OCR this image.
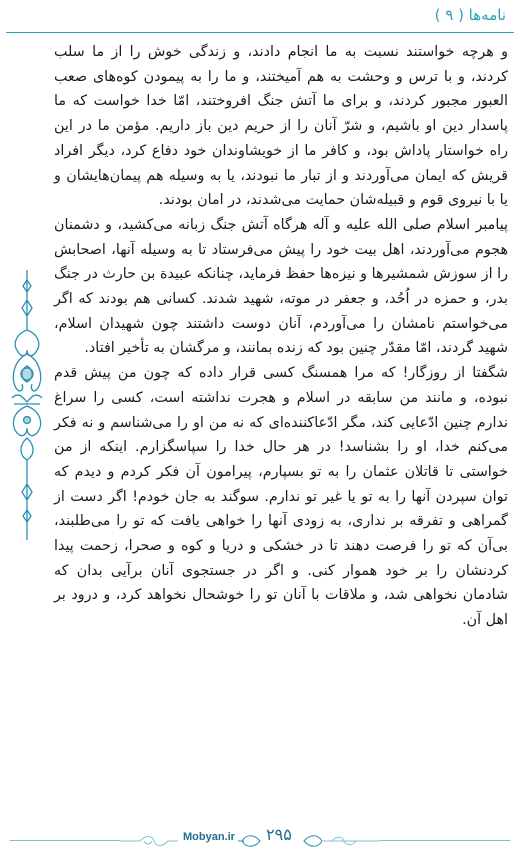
نامه‌ها ( ۹ )

و هرچه خواستند نسبت به ما انجام دادند، و زندگی خوش را از ما سلب کردند، و با ترس و وحشت به هم آمیختند، و ما را به پیمودن کوه‌های صعب العبور مجبور کردند، و برای ما آتش جنگ افروختند، امّا خدا خواست که ما پاسدار دین او باشیم، و شرّ آنان را از حریم دین باز داریم. مؤمن ما در این راه خواستار پاداش بود، و کافر ما از خویشاوندان خود دفاع کرد، دیگر افراد قریش که ایمان می‌آوردند و از تبار ما نبودند، یا به وسیله هم پیمان‌هایشان و یا با نیروی قوم و قبیله‌شان حمایت می‌شدند، در امان بودند.

پیامبر اسلام صلی الله علیه و آله هرگاه آتش جنگ زبانه می‌کشید، و دشمنان هجوم می‌آوردند، اهل بیت خود را پیش می‌فرستاد تا به وسیله آنها، اصحابش را از سوزش شمشیرها و نیزه‌ها حفظ فرماید، چنانکه عبیدة بن حارث در جنگ بدر، و حمزه در اُحُد، و جعفر در موته، شهید شدند. کسانی هم بودند که اگر می‌خواستم نامشان را می‌آوردم، آنان دوست داشتند چون شهیدان اسلام، شهید گردند، امّا مقدّر چنین بود که زنده بمانند، و مرگشان به تأخیر افتاد.

شگفتا از روزگار! که مرا همسنگ کسی قرار داده که چون من پیش قدم نبوده، و مانند من سابقه در اسلام و هجرت نداشته است، کسی را سراغ ندارم چنین ادّعایی کند، مگر ادّعاکننده‌ای که نه من او را می‌شناسم و نه فکر می‌کنم خدا، او را بشناسد! در هر حال خدا را سپاسگزارم. اینکه از من خواستی تا قاتلان عثمان را به تو بسپارم، پیرامون آن فکر کردم و دیدم که توان سپردن آنها را به تو یا غیر تو ندارم. سوگند به جان خودم! اگر دست از گمراهی و تفرقه بر نداری، به زودی آنها را خواهی یافت که تو را می‌طلبند، بی‌آن که تو را فرصت دهند تا در خشکی و دریا و کوه و صحرا، زحمت پیدا کردنشان را بر خود هموار کنی. و اگر در جستجوی آنان برآیی بدان که شادمان نخواهی شد، و ملاقات با آنان تو را خوشحال نخواهد کرد، و درود بر اهل آن.

Mobyan.ir ۲۹۵
